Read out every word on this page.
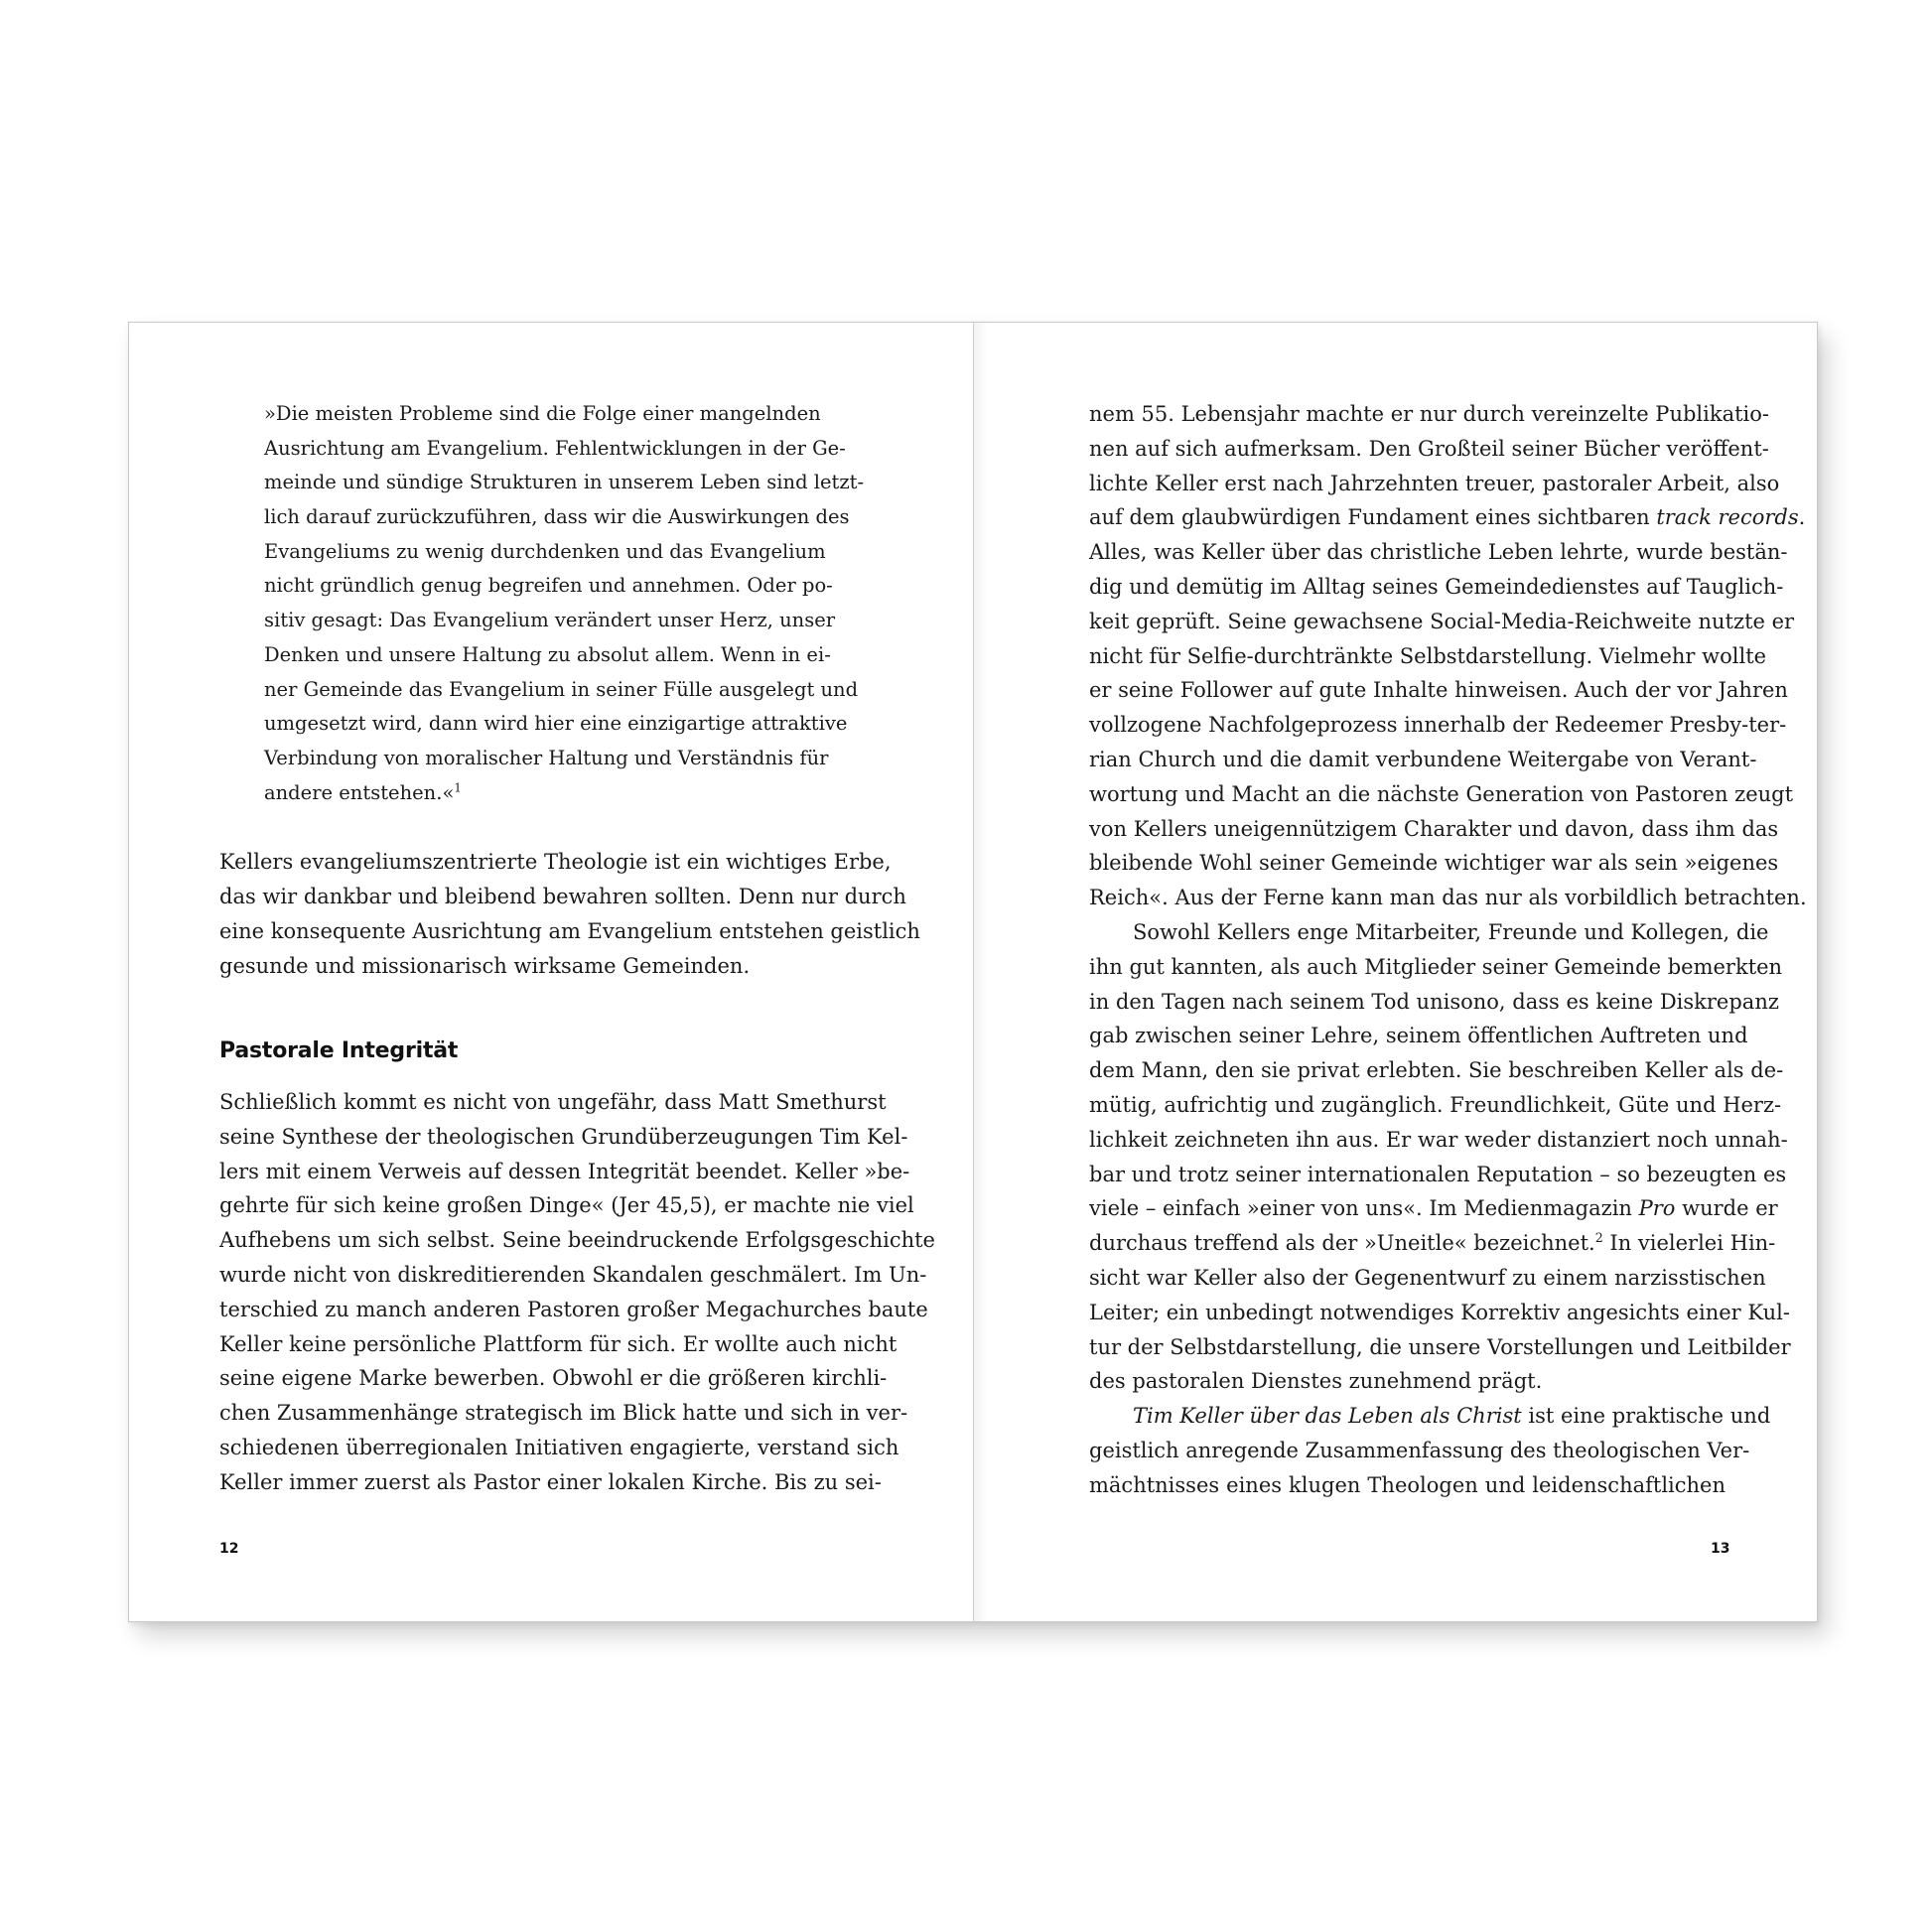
»Die meisten Probleme sind die Folge einer mangelnden
Ausrichtung am Evangelium. Fehlentwicklungen in der Ge-
meinde und sündige Strukturen in unserem Leben sind letzt-
lich darauf zurückzuführen, dass wir die Auswirkungen des
Evangeliums zu wenig durchdenken und das Evangelium
nicht gründlich genug begreifen und annehmen. Oder po-
sitiv gesagt: Das Evangelium verändert unser Herz, unser
Denken und unsere Haltung zu absolut allem. Wenn in ei-
ner Gemeinde das Evangelium in seiner Fülle ausgelegt und
umgesetzt wird, dann wird hier eine einzigartige attraktive
Verbindung von moralischer Haltung und Verständnis für
andere entstehen.«$^1$
Kellers evangeliumszentrierte Theologie ist ein wichtiges Erbe,
das wir dankbar und bleibend bewahren sollten. Denn nur durch
eine konsequente Ausrichtung am Evangelium entstehen geistlich
gesunde und missionarisch wirksame Gemeinden.
Pastorale Integrität
Schließlich kommt es nicht von ungefähr, dass Matt Smethurst
seine Synthese der theologischen Grundüberzeugungen Tim Kel-
lers mit einem Verweis auf dessen Integrität beendet. Keller »be-
gehrte für sich keine großen Dinge« (Jer 45,5), er machte nie viel
Aufhebens um sich selbst. Seine beeindruckende Erfolgsgeschichte
wurde nicht von diskreditierenden Skandalen geschmälert. Im Un-
terschied zu manch anderen Pastoren großer Megachurches baute
Keller keine persönliche Plattform für sich. Er wollte auch nicht
seine eigene Marke bewerben. Obwohl er die größeren kirchli-
chen Zusammenhänge strategisch im Blick hatte und sich in ver-
schiedenen überregionalen Initiativen engagierte, verstand sich
Keller immer zuerst als Pastor einer lokalen Kirche. Bis zu sei-
12
nem 55. Lebensjahr machte er nur durch vereinzelte Publikatio-
nen auf sich aufmerksam. Den Großteil seiner Bücher veröffent-
lichte Keller erst nach Jahrzehnten treuer, pastoraler Arbeit, also
auf dem glaubwürdigen Fundament eines sichtbaren track records.
Alles, was Keller über das christliche Leben lehrte, wurde bestän-
dig und demütig im Alltag seines Gemeindedienstes auf Tauglich-
keit geprüft. Seine gewachsene Social-Media-Reichweite nutzte er
nicht für Selfie-durchtränkte Selbstdarstellung. Vielmehr wollte
er seine Follower auf gute Inhalte hinweisen. Auch der vor Jahren
vollzogene Nachfolgeprozess innerhalb der Redeemer Presby-ter-
rian Church und die damit verbundene Weitergabe von Verant-
wortung und Macht an die nächste Generation von Pastoren zeugt
von Kellers uneigennützigem Charakter und davon, dass ihm das
bleibende Wohl seiner Gemeinde wichtiger war als sein »eigenes
Reich«. Aus der Ferne kann man das nur als vorbildlich betrachten.
Sowohl Kellers enge Mitarbeiter, Freunde und Kollegen, die
ihn gut kannten, als auch Mitglieder seiner Gemeinde bemerkten
in den Tagen nach seinem Tod unisono, dass es keine Diskrepanz
gab zwischen seiner Lehre, seinem öffentlichen Auftreten und
dem Mann, den sie privat erlebten. Sie beschreiben Keller als de-
mütig, aufrichtig und zugänglich. Freundlichkeit, Güte und Herz-
lichkeit zeichneten ihn aus. Er war weder distanziert noch unnah-
bar und trotz seiner internationalen Reputation – so bezeugten es
viele – einfach »einer von uns«. Im Medienmagazin Pro wurde er
durchaus treffend als der »Uneitle« bezeichnet.$^2$ In vielerlei Hin-
sicht war Keller also der Gegenentwurf zu einem narzisstischen
Leiter; ein unbedingt notwendiges Korrektiv angesichts einer Kul-
tur der Selbstdarstellung, die unsere Vorstellungen und Leitbilder
des pastoralen Dienstes zunehmend prägt.
Tim Keller über das Leben als Christ ist eine praktische und
geistlich anregende Zusammenfassung des theologischen Ver-
mächtnisses eines klugen Theologen und leidenschaftlichen
13
